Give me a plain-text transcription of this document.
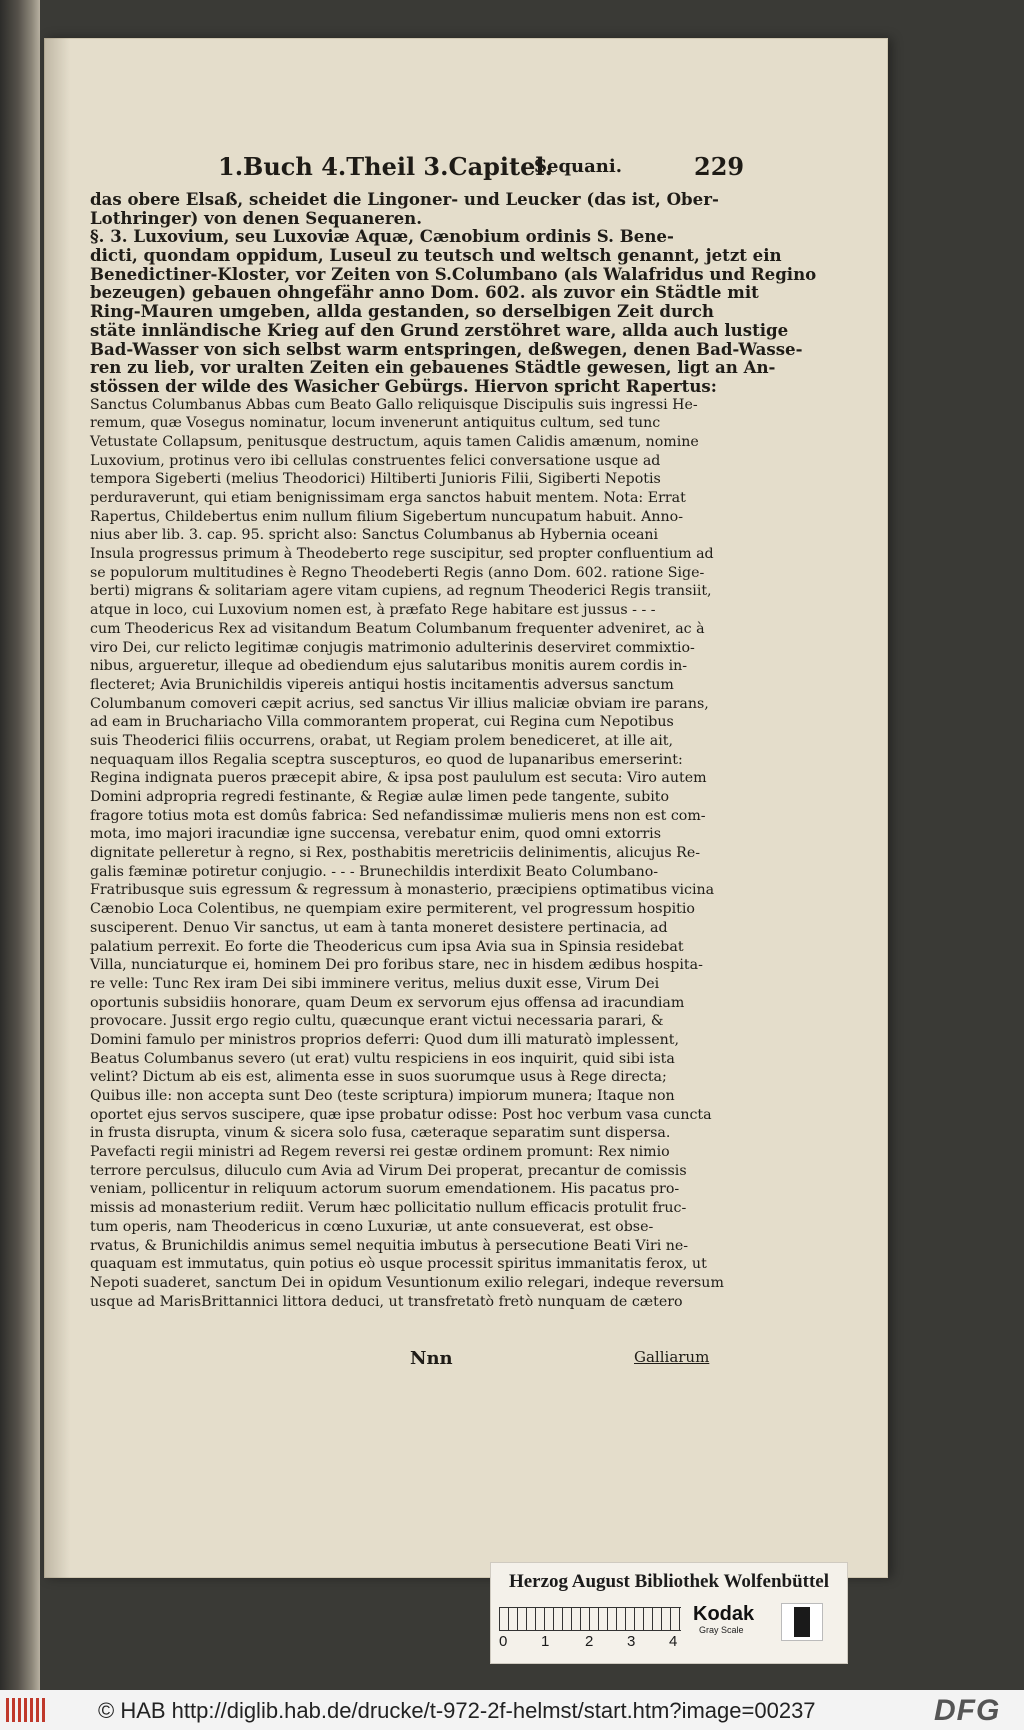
1.Buch 4.Theil 3.Capitel.
Sequani.	229
das obere Elsaß, scheidet die Lingoner- und Leucker (das ist, Ober-
Lothringer) von denen Sequaneren.
§. 3. Luxovium, seu Luxoviæ Aquæ, Cænobium ordinis S. Bene-
dicti, quondam oppidum, Luseul zu teutsch und weltsch genannt, jetzt ein
Benedictiner-Kloster, vor Zeiten von S.Columbano (als Walafridus und Regino
bezeugen) gebauen ohngefähr anno Dom. 602. als zuvor ein Städtle mit
Ring-Mauren umgeben, allda gestanden, so derselbigen Zeit durch
stäte innländische Krieg auf den Grund zerstöhret ware, allda auch lustige
Bad-Wasser von sich selbst warm entspringen, deßwegen, denen Bad-Wasse-
ren zu lieb, vor uralten Zeiten ein gebauenes Städtle gewesen, ligt an An-
stössen der wilde des Wasicher Gebürgs. Hiervon spricht Rapertus:
Sanctus Columbanus Abbas cum Beato Gallo reliquisque Discipulis suis ingressi He-
remum, quæ Vosegus nominatur, locum invenerunt antiquitus cultum, sed tunc
Vetustate Collapsum, penitusque destructum, aquis tamen Calidis amænum, nomine
Luxovium, protinus vero ibi cellulas construentes felici conversatione usque ad
tempora Sigeberti (melius Theodorici) Hiltiberti Junioris Filii, Sigiberti Nepotis
perduraverunt, qui etiam benignissimam erga sanctos habuit mentem. Nota: Errat
Rapertus, Childebertus enim nullum filium Sigebertum nuncupatum habuit. Anno-
nius aber lib. 3. cap. 95. spricht also: Sanctus Columbanus ab Hybernia oceani
Insula progressus primum à Theodeberto rege suscipitur, sed propter confluentium ad
se populorum multitudines è Regno Theodeberti Regis (anno Dom. 602. ratione Sige-
berti) migrans & solitariam agere vitam cupiens, ad regnum Theoderici Regis transiit,
atque in loco, cui Luxovium nomen est, à præfato Rege habitare est jussus - - -
cum Theodericus Rex ad visitandum Beatum Columbanum frequenter adveniret, ac à
viro Dei, cur relicto legitimæ conjugis matrimonio adulterinis deserviret commixtio-
nibus, argueretur, illeque ad obediendum ejus salutaribus monitis aurem cordis in-
flecteret; Avia Brunichildis vipereis antiqui hostis incitamentis adversus sanctum
Columbanum comoveri cæpit acrius, sed sanctus Vir illius maliciæ obviam ire parans,
ad eam in Bruchariacho Villa commorantem properat, cui Regina cum Nepotibus
suis Theoderici filiis occurrens, orabat, ut Regiam prolem benediceret, at ille ait,
nequaquam illos Regalia sceptra suscepturos, eo quod de lupanaribus emerserint:
Regina indignata pueros præcepit abire, & ipsa post paululum est secuta: Viro autem
Domini adpropria regredi festinante, & Regiæ aulæ limen pede tangente, subito
fragore totius mota est domûs fabrica: Sed nefandissimæ mulieris mens non est com-
mota, imo majori iracundiæ igne succensa, verebatur enim, quod omni extorris
dignitate pelleretur à regno, si Rex, posthabitis meretriciis delinimentis, alicujus Re-
galis fæminæ potiretur conjugio. - - - Brunechildis interdixit Beato Columbano-
Fratribusque suis egressum & regressum à monasterio, præcipiens optimatibus vicina
Cænobio Loca Colentibus, ne quempiam exire permiterent, vel progressum hospitio
susciperent. Denuo Vir sanctus, ut eam à tanta moneret desistere pertinacia, ad
palatium perrexit. Eo forte die Theodericus cum ipsa Avia sua in Spinsia residebat
Villa, nunciaturque ei, hominem Dei pro foribus stare, nec in hisdem ædibus hospita-
re velle: Tunc Rex iram Dei sibi imminere veritus, melius duxit esse, Virum Dei
oportunis subsidiis honorare, quam Deum ex servorum ejus offensa ad iracundiam
provocare. Jussit ergo regio cultu, quæcunque erant victui necessaria parari, &
Domini famulo per ministros proprios deferri: Quod dum illi maturatò implessent,
Beatus Columbanus severo (ut erat) vultu respiciens in eos inquirit, quid sibi ista
velint? Dictum ab eis est, alimenta esse in suos suorumque usus à Rege directa;
Quibus ille: non accepta sunt Deo (teste scriptura) impiorum munera; Itaque non
oportet ejus servos suscipere, quæ ipse probatur odisse: Post hoc verbum vasa cuncta
in frusta disrupta, vinum & sicera solo fusa, cæteraque separatim sunt dispersa.
Pavefacti regii ministri ad Regem reversi rei gestæ ordinem promunt: Rex nimio
terrore perculsus, diluculo cum Avia ad Virum Dei properat, precantur de comissis
veniam, pollicentur in reliquum actorum suorum emendationem. His pacatus pro-
missis ad monasterium rediit. Verum hæc pollicitatio nullum efficacis protulit fruc-
tum operis, nam Theodericus in cœno Luxuriæ, ut ante consueverat, est obse-
rvatus, & Brunichildis animus semel nequitia imbutus à persecutione Beati Viri ne-
quaquam est immutatus, quin potius eò usque processit spiritus immanitatis ferox, ut
Nepoti suaderet, sanctum Dei in opidum Vesuntionum exilio relegari, indeque reversum
usque ad MarisBrittannici littora deduci, ut transfretatò fretò nunquam de cætero
Nnn	Galliarum
Herzog August Bibliothek Wolfenbüttel
0 1 2 3 4
Kodak
Gray Scale
© HAB http://diglib.hab.de/drucke/t-972-2f-helmst/start.htm?image=00237	DFG
